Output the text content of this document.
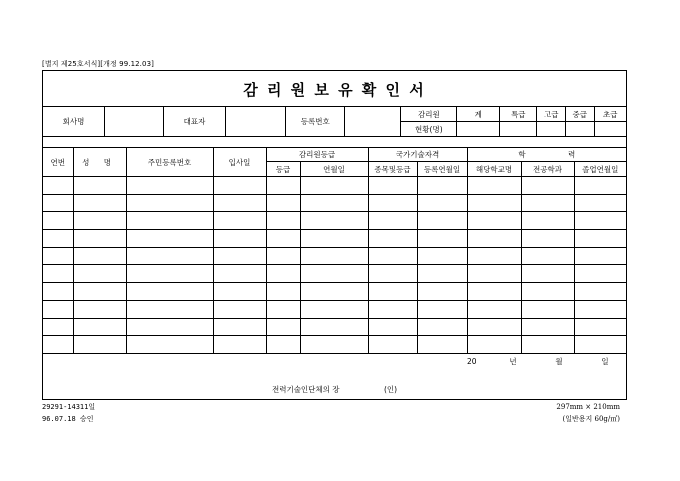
[별지 제25호서식][개정 99.12.03]
감 리 원 보 유 확 인 서
회사명		대표자		등록번호		감리원	계	특급	고급	중급	초급
						현황(명)					
연번	성 명	주민등록번호	입사일	감리원등급		국가기술자격		학 력		
				등급	연월일	종목및등급	등록연월일	해당학교명	전공학과	졸업연월일

20	년	월	일
전력기술인단체의 장	(인)
29291-14311일
96.07.18 승인
297mm × 210mm
(일반용지 60g/㎡)
